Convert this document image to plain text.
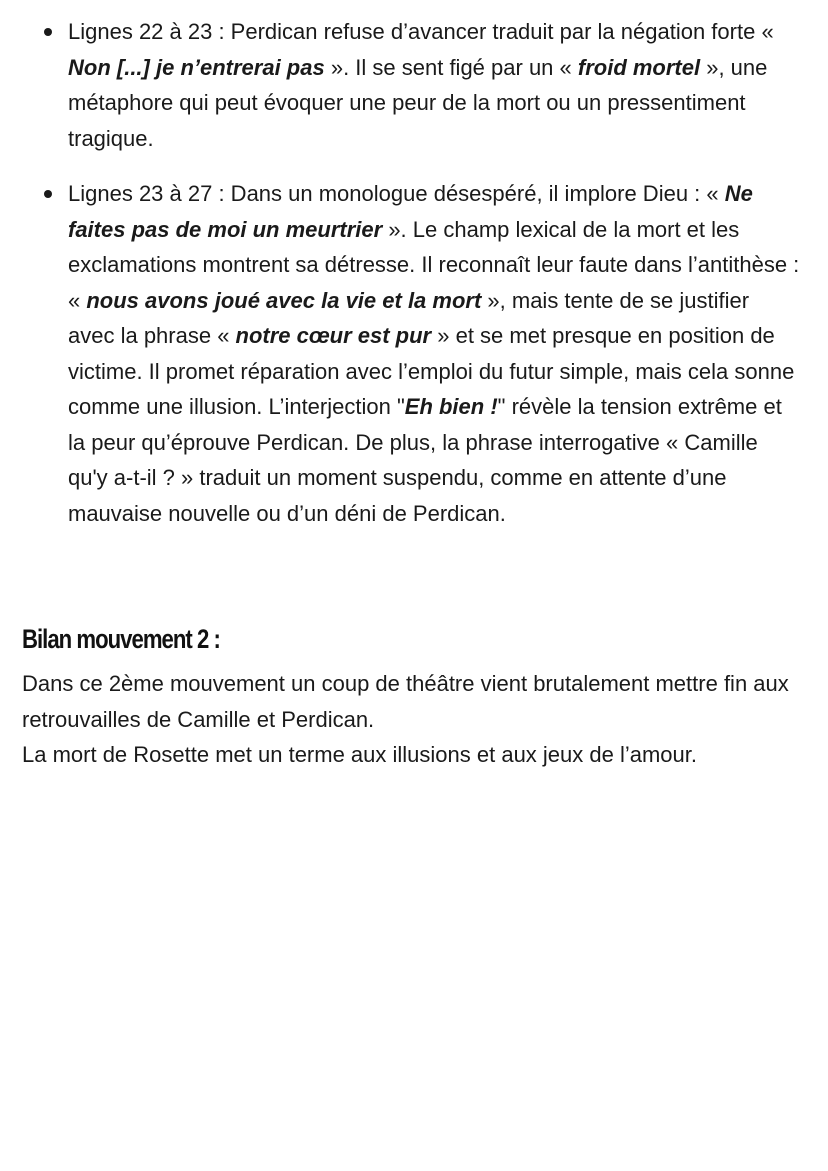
Lignes 22 à 23 : Perdican refuse d’avancer traduit par la négation forte « Non [...] je n’entrerai pas ». Il se sent figé par un « froid mortel », une métaphore qui peut évoquer une peur de la mort ou un pressentiment tragique.
Lignes 23 à 27 : Dans un monologue désespéré, il implore Dieu : « Ne faites pas de moi un meurtrier ». Le champ lexical de la mort et les exclamations montrent sa détresse. Il reconnaît leur faute dans l’antithèse : « nous avons joué avec la vie et la mort », mais tente de se justifier avec la phrase « notre cœur est pur » et se met presque en position de victime. Il promet réparation avec l’emploi du futur simple, mais cela sonne comme une illusion. L’interjection "Eh bien !" révèle la tension extrême et la peur qu’éprouve Perdican. De plus, la phrase interrogative « Camille qu'y a-t-il ? » traduit un moment suspendu, comme en attente d’une mauvaise nouvelle ou d’un déni de Perdican.
Bilan mouvement 2 :

Dans ce 2ème mouvement un coup de théâtre vient brutalement mettre fin aux retrouvailles de Camille et Perdican.

La mort de Rosette met un terme aux illusions et aux jeux de l’amour.
